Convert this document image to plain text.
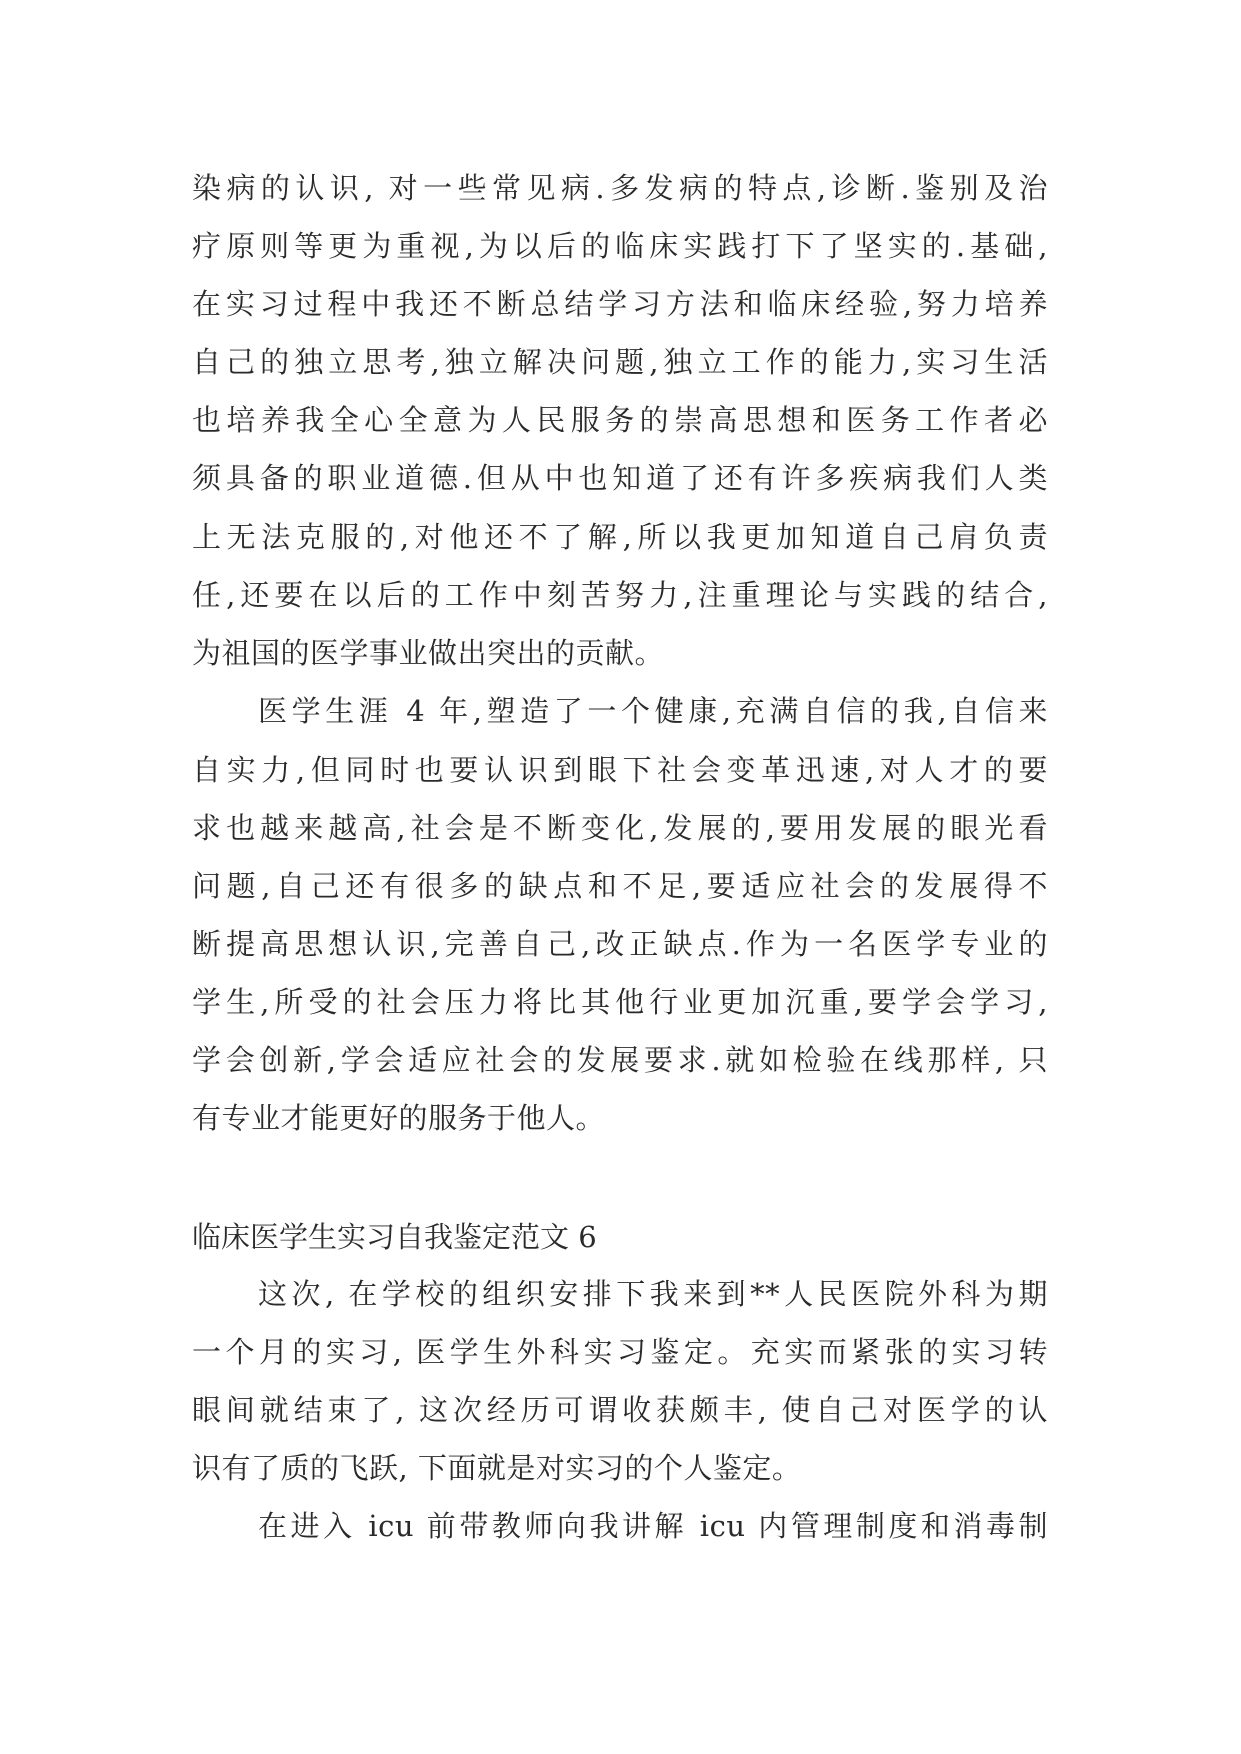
染病的认识, 对一些常见病.多发病的特点,诊断.鉴别及治
疗原则等更为重视,为以后的临床实践打下了坚实的.基础,
在实习过程中我还不断总结学习方法和临床经验,努力培养
自己的独立思考,独立解决问题,独立工作的能力,实习生活
也培养我全心全意为人民服务的崇高思想和医务工作者必
须具备的职业道德.但从中也知道了还有许多疾病我们人类
上无法克服的,对他还不了解,所以我更加知道自己肩负责
任,还要在以后的工作中刻苦努力,注重理论与实践的结合,
为祖国的医学事业做出突出的贡献。
医学生涯 4 年,塑造了一个健康,充满自信的我,自信来
自实力,但同时也要认识到眼下社会变革迅速,对人才的要
求也越来越高,社会是不断变化,发展的,要用发展的眼光看
问题,自己还有很多的缺点和不足,要适应社会的发展得不
断提高思想认识,完善自己,改正缺点.作为一名医学专业的
学生,所受的社会压力将比其他行业更加沉重,要学会学习,
学会创新,学会适应社会的发展要求.就如检验在线那样, 只
有专业才能更好的服务于他人。
临床医学生实习自我鉴定范文 6
这次, 在学校的组织安排下我来到**人民医院外科为期
一个月的实习, 医学生外科实习鉴定。充实而紧张的实习转
眼间就结束了, 这次经历可谓收获颇丰, 使自己对医学的认
识有了质的飞跃, 下面就是对实习的个人鉴定。
在进入 icu 前带教师向我讲解 icu 内管理制度和消毒制
